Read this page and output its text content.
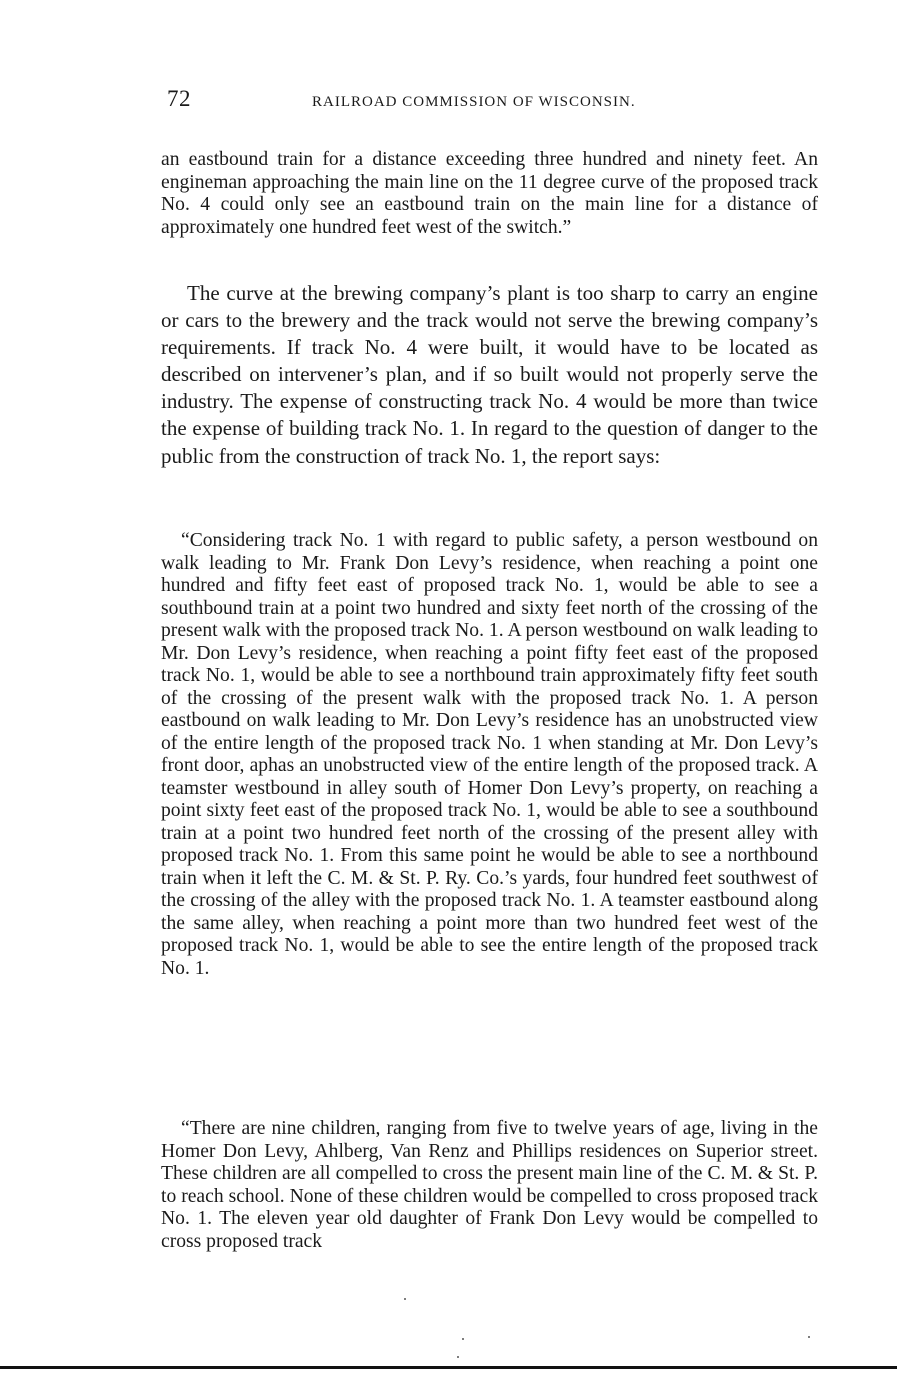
72	RAILROAD COMMISSION OF WISCONSIN.

an eastbound train for a distance exceeding three hundred and ninety feet. An engineman approaching the main line on the 11 degree curve of the proposed track No. 4 could only see an eastbound train on the main line for a distance of approximately one hundred feet west of the switch.”

The curve at the brewing company’s plant is too sharp to carry an engine or cars to the brewery and the track would not serve the brewing company’s requirements. If track No. 4 were built, it would have to be located as described on intervener’s plan, and if so built would not properly serve the industry. The expense of constructing track No. 4 would be more than twice the expense of building track No. 1. In regard to the question of danger to the public from the construction of track No. 1, the report says:

“Considering track No. 1 with regard to public safety, a person westbound on walk leading to Mr. Frank Don Levy’s residence, when reaching a point one hundred and fifty feet east of proposed track No. 1, would be able to see a southbound train at a point two hundred and sixty feet north of the crossing of the present walk with the proposed track No. 1. A person westbound on walk leading to Mr. Don Levy’s residence, when reaching a point fifty feet east of the proposed track No. 1, would be able to see a northbound train approximately fifty feet south of the crossing of the present walk with the proposed track No. 1. A person eastbound on walk leading to Mr. Don Levy’s residence has an unobstructed view of the entire length of the proposed track No. 1 when standing at Mr. Don Levy’s front door, aphas an unobstructed view of the entire length of the proposed track. A teamster westbound in alley south of Homer Don Levy’s property, on reaching a point sixty feet east of the proposed track No. 1, would be able to see a southbound train at a point two hundred feet north of the crossing of the present alley with proposed track No. 1. From this same point he would be able to see a northbound train when it left the C. M. & St. P. Ry. Co.’s yards, four hundred feet southwest of the crossing of the alley with the proposed track No. 1. A teamster eastbound along the same alley, when reaching a point more than two hundred feet west of the proposed track No. 1, would be able to see the entire length of the proposed track No. 1.

“There are nine children, ranging from five to twelve years of age, living in the Homer Don Levy, Ahlberg, Van Renz and Phillips residences on Superior street. These children are all compelled to cross the present main line of the C. M. & St. P. to reach school. None of these children would be compelled to cross proposed track No. 1. The eleven year old daughter of Frank Don Levy would be compelled to cross proposed track
